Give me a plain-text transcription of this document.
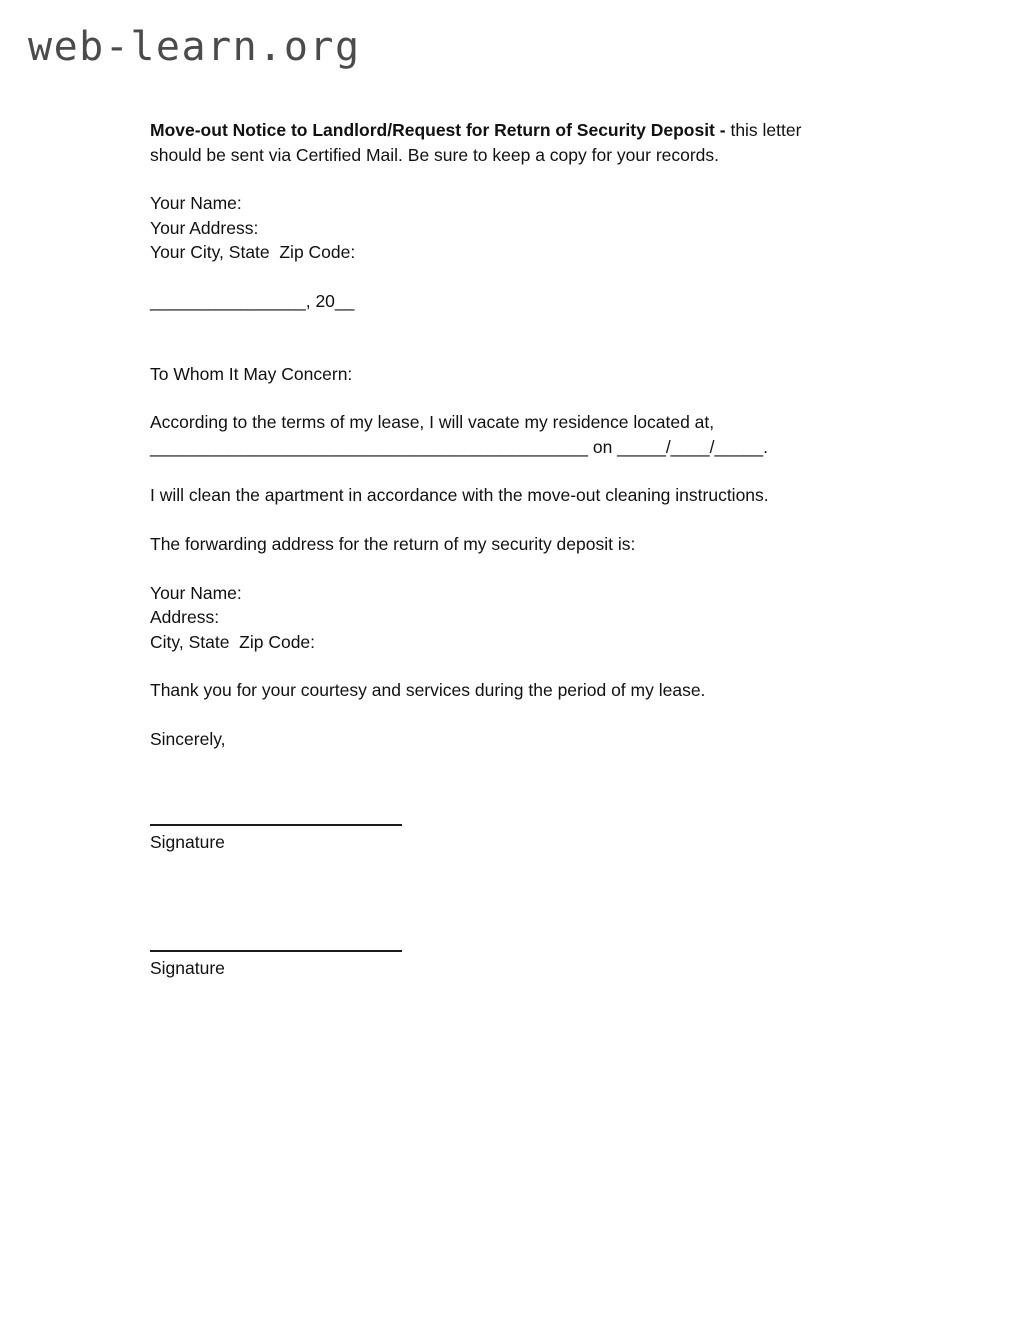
web-learn.org

Move-out Notice to Landlord/Request for Return of Security Deposit - this letter should be sent via Certified Mail. Be sure to keep a copy for your records.

Your Name:
Your Address:
Your City, State  Zip Code:

________________, 20__

To Whom It May Concern:

According to the terms of my lease, I will vacate my residence located at,
_____________________________________________ on _____/____/_____.

I will clean the apartment in accordance with the move-out cleaning instructions.

The forwarding address for the return of my security deposit is:

Your Name:
Address:
City, State  Zip Code:

Thank you for your courtesy and services during the period of my lease.

Sincerely,

Signature
Signature
